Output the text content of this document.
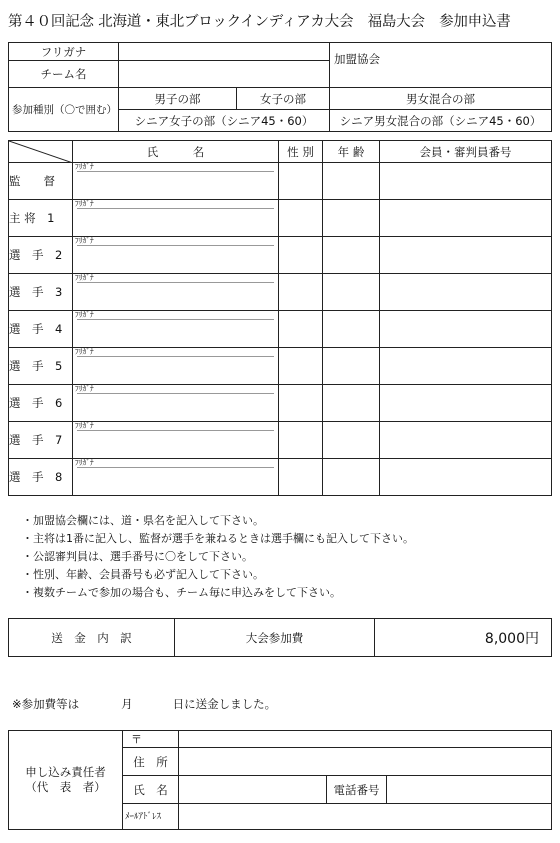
第４０回記念 北海道・東北ブロックインディアカ大会　福島大会　参加申込書
フリガナ			加盟協会
チーム名			
参加種別（〇で囲む）	男子の部	女子の部	男女混合の部
	シニア女子の部（シニア45・60）		シニア男女混合の部（シニア45・60）
	氏　　　名	性 別	年 齢	会員・審判員番号
監　　督	ﾌﾘｶﾞﾅ			

主 将　1	ﾌﾘｶﾞﾅ			

選　手　2	ﾌﾘｶﾞﾅ			

選　手　3	ﾌﾘｶﾞﾅ			

選　手　4	ﾌﾘｶﾞﾅ			

選　手　5	ﾌﾘｶﾞﾅ			

選　手　6	ﾌﾘｶﾞﾅ			

選　手　7	ﾌﾘｶﾞﾅ			

選　手　8	ﾌﾘｶﾞﾅ			

・加盟協会欄には、道・県名を記入して下さい。
・主将は1番に記入し、監督が選手を兼ねるときは選手欄にも記入して下さい。
・公認審判員は、選手番号に〇をして下さい。
・性別、年齢、会員番号も必ず記入して下さい。
・複数チームで参加の場合も、チーム毎に申込みをして下さい。
送　金　内　訳	大会参加費	8,000円
※参加費等は	月	日に送金しました。
申し込み責任者
（代　表　者）	〒			
	住　所			
	氏　名		電話番号	
	ﾒｰﾙｱﾄﾞﾚｽ			
